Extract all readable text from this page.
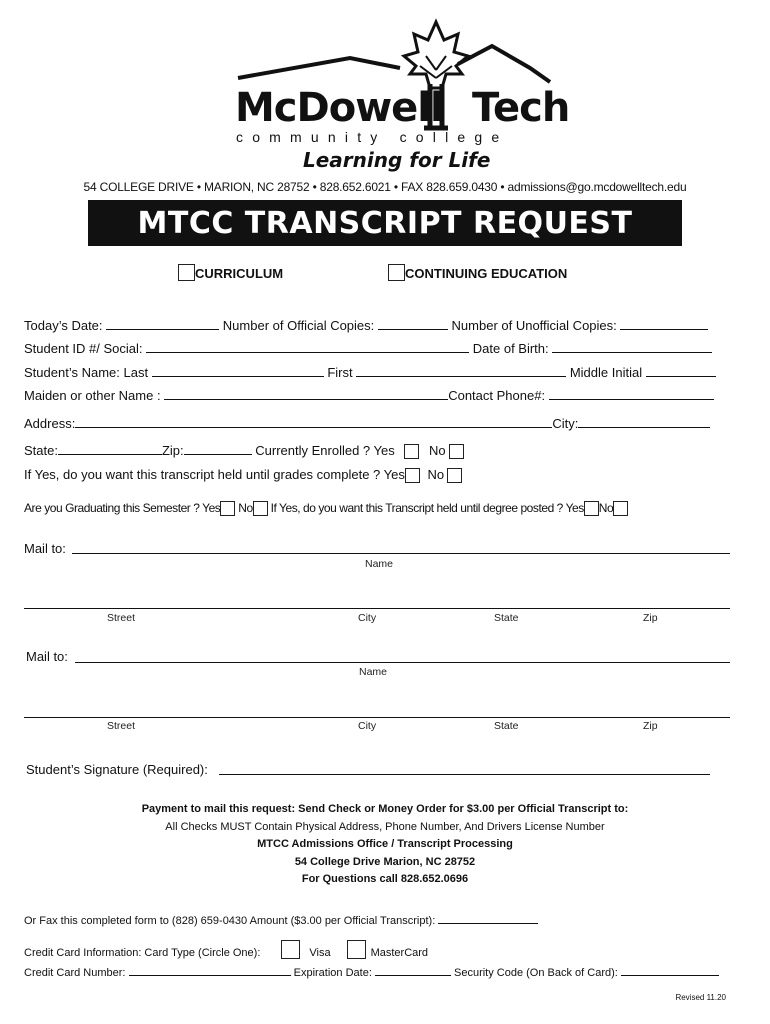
McDowell Tech
community college
Learning for Life
54 COLLEGE DRIVE • MARION, NC 28752 • 828.652.6021 • FAX 828.659.0430 • admissions@go.mcdowelltech.edu
MTCC TRANSCRIPT REQUEST
CURRICULUM	CONTINUING EDUCATION
Today’s Date:	Number of Official Copies:	Number of Unofficial Copies:
Student ID #/ Social:	Date of Birth:
Student’s Name: Last	First	Middle Initial
Maiden or other Name :	Contact Phone#:
Address:	City:
State:	Zip:	Currently Enrolled ? Yes	No
If Yes, do you want this transcript held until grades complete ? Yes No
Are you Graduating this Semester ? Yes No If Yes, do you want this Transcript held until degree posted ? Yes No
Mail to:
Name
Street	City	State	Zip
Mail to:
Name
Street	City	State	Zip
Student’s Signature (Required):
Payment to mail this request: Send Check or Money Order for $3.00 per Official Transcript to:
All Checks MUST Contain Physical Address, Phone Number, And Drivers License Number
MTCC Admissions Office / Transcript Processing
54 College Drive Marion, NC 28752
For Questions call 828.652.0696
Or Fax this completed form to (828) 659-0430 Amount ($3.00 per Official Transcript):
Credit Card Information: Card Type (Circle One):	Visa	MasterCard
Credit Card Number:	Expiration Date:	Security Code (On Back of Card):
Revised 11.20
